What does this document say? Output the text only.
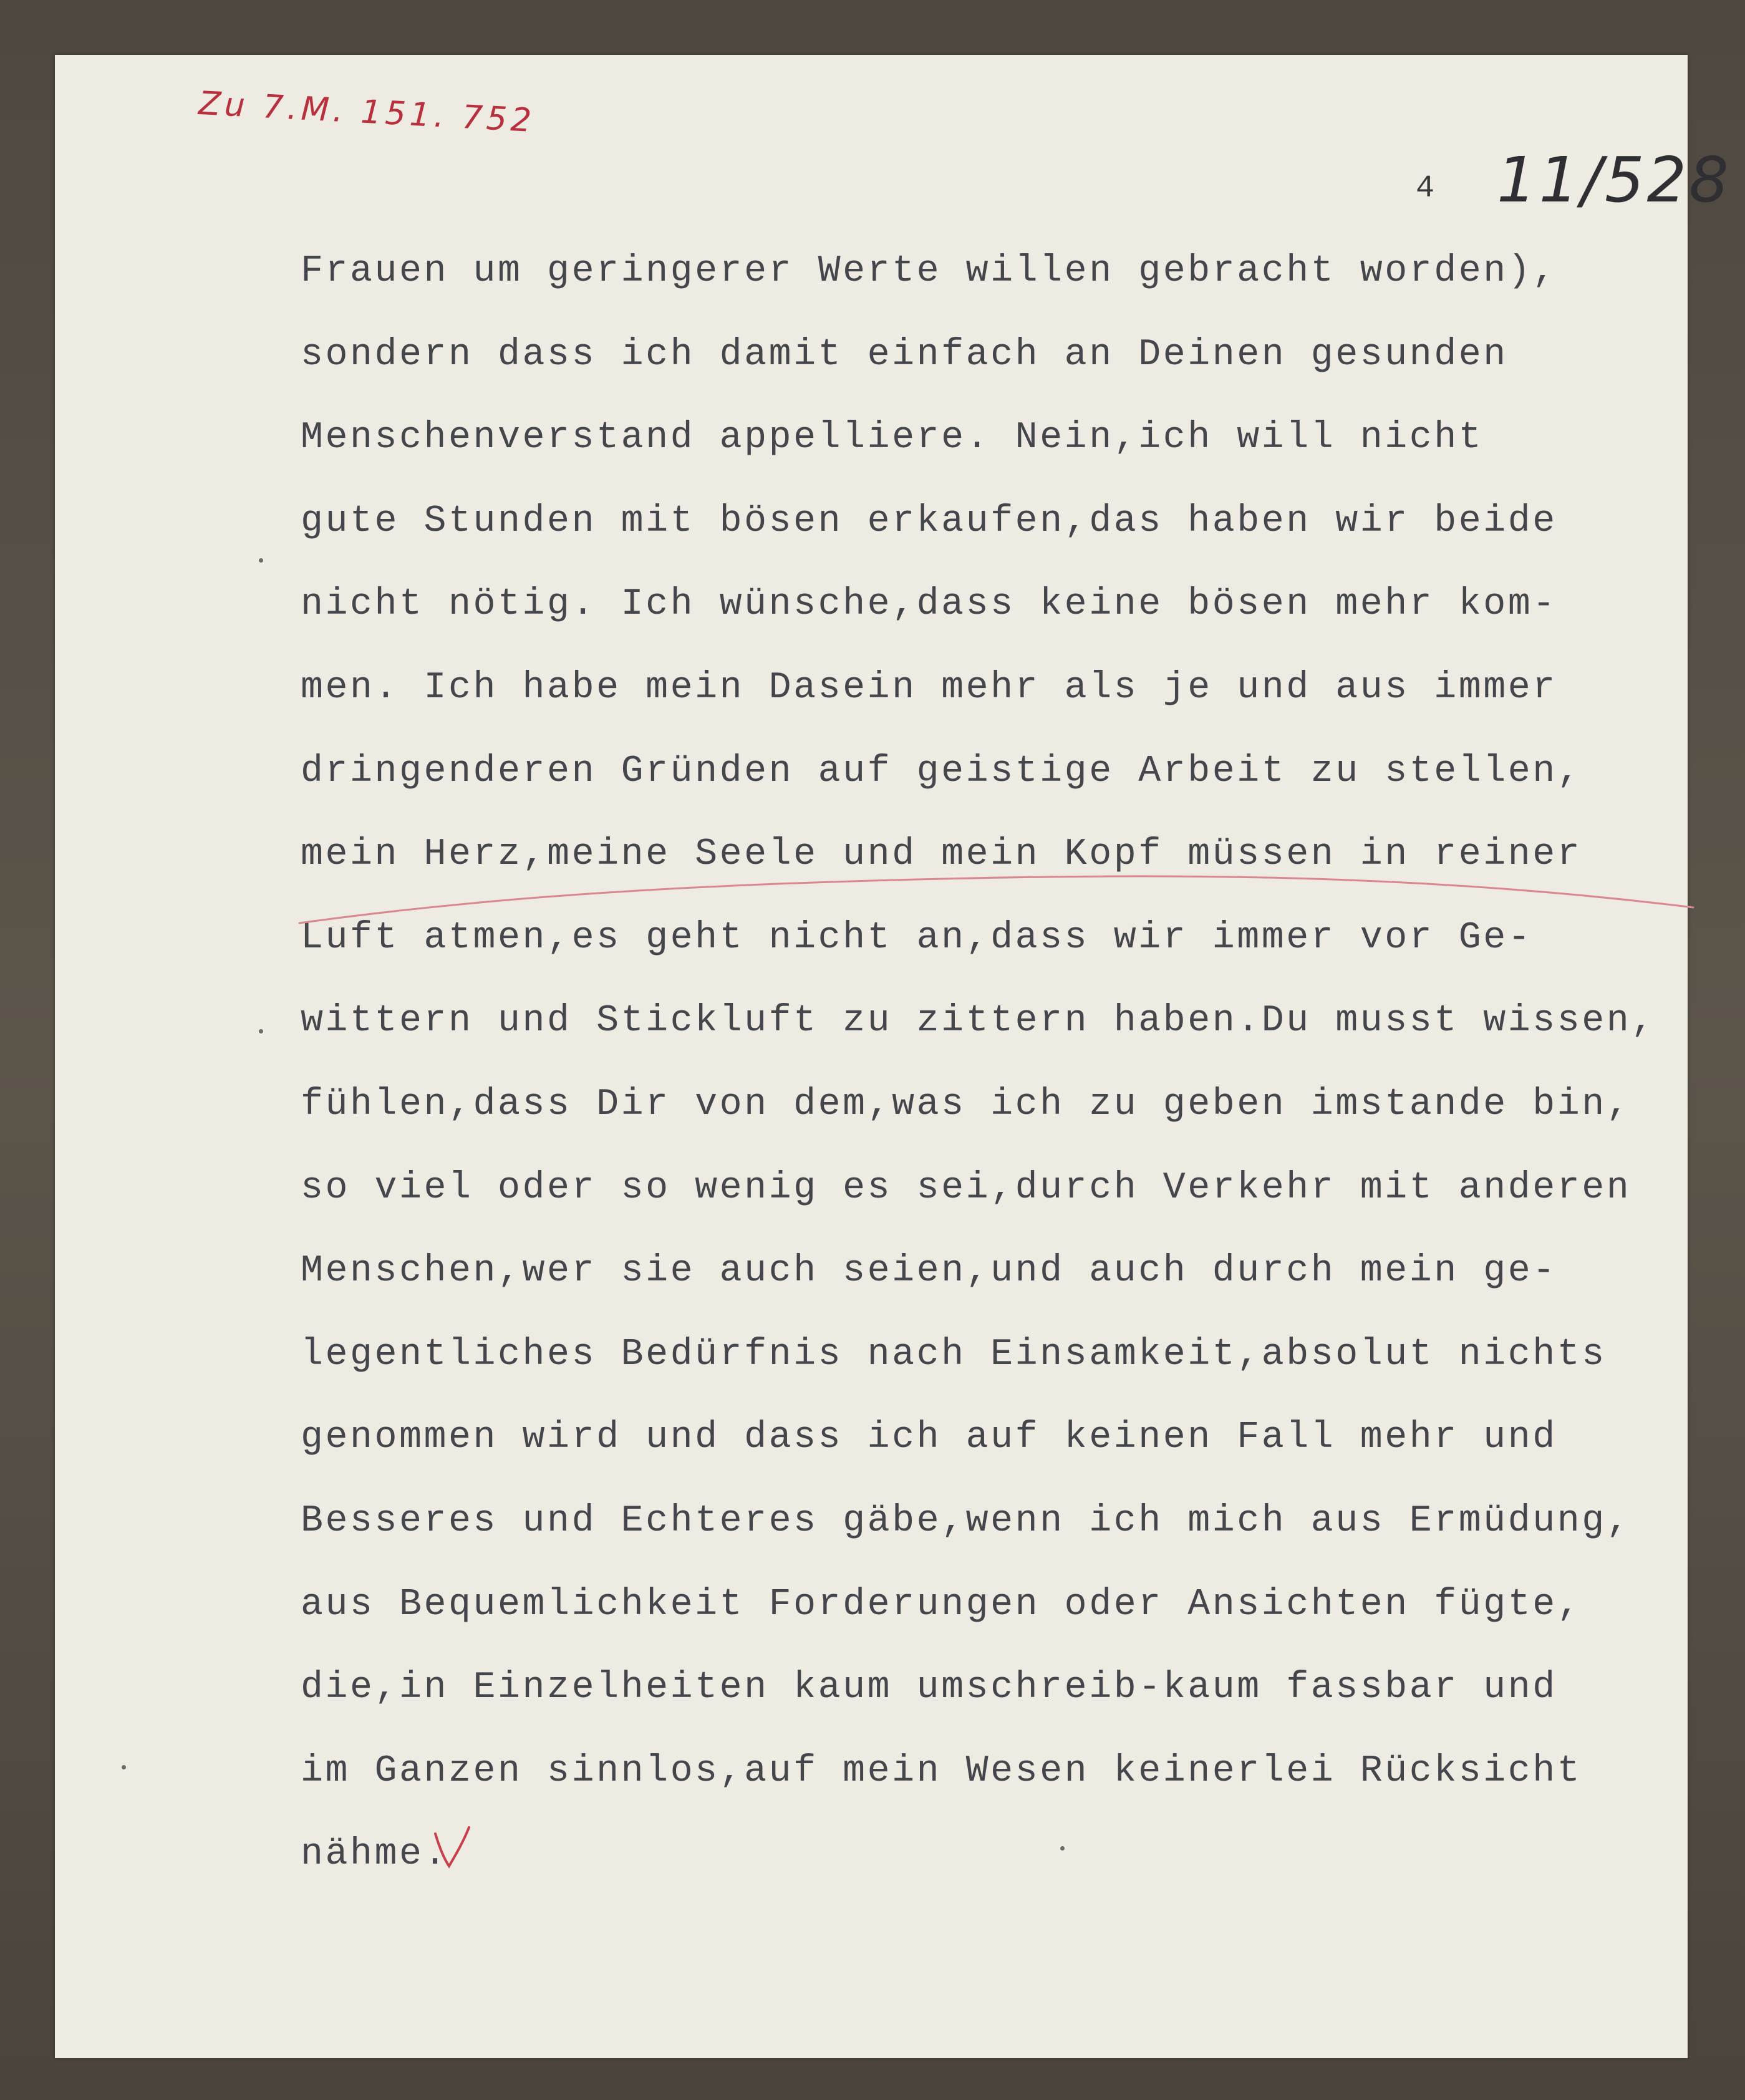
Zu 7.M. 151. 752
4 11/528
Frauen um geringerer Werte willen gebracht worden),
sondern dass ich damit einfach an Deinen gesunden
Menschenverstand appelliere. Nein,ich will nicht
gute Stunden mit bösen erkaufen,das haben wir beide
nicht nötig. Ich wünsche,dass keine bösen mehr kom-
men. Ich habe mein Dasein mehr als je und aus immer
dringenderen Gründen auf geistige Arbeit zu stellen,
mein Herz,meine Seele und mein Kopf müssen in reiner
Luft atmen,es geht nicht an,dass wir immer vor Ge-
wittern und Stickluft zu zittern haben.Du musst wissen,
fühlen,dass Dir von dem,was ich zu geben imstande bin,
so viel oder so wenig es sei,durch Verkehr mit anderen
Menschen,wer sie auch seien,und auch durch mein ge-
legentliches Bedürfnis nach Einsamkeit,absolut nichts
genommen wird und dass ich auf keinen Fall mehr und
Besseres und Echteres gäbe,wenn ich mich aus Ermüdung,
aus Bequemlichkeit Forderungen oder Ansichten fügte,
die,in Einzelheiten kaum umschreib-kaum fassbar und
im Ganzen sinnlos,auf mein Wesen keinerlei Rücksicht
nähme.
